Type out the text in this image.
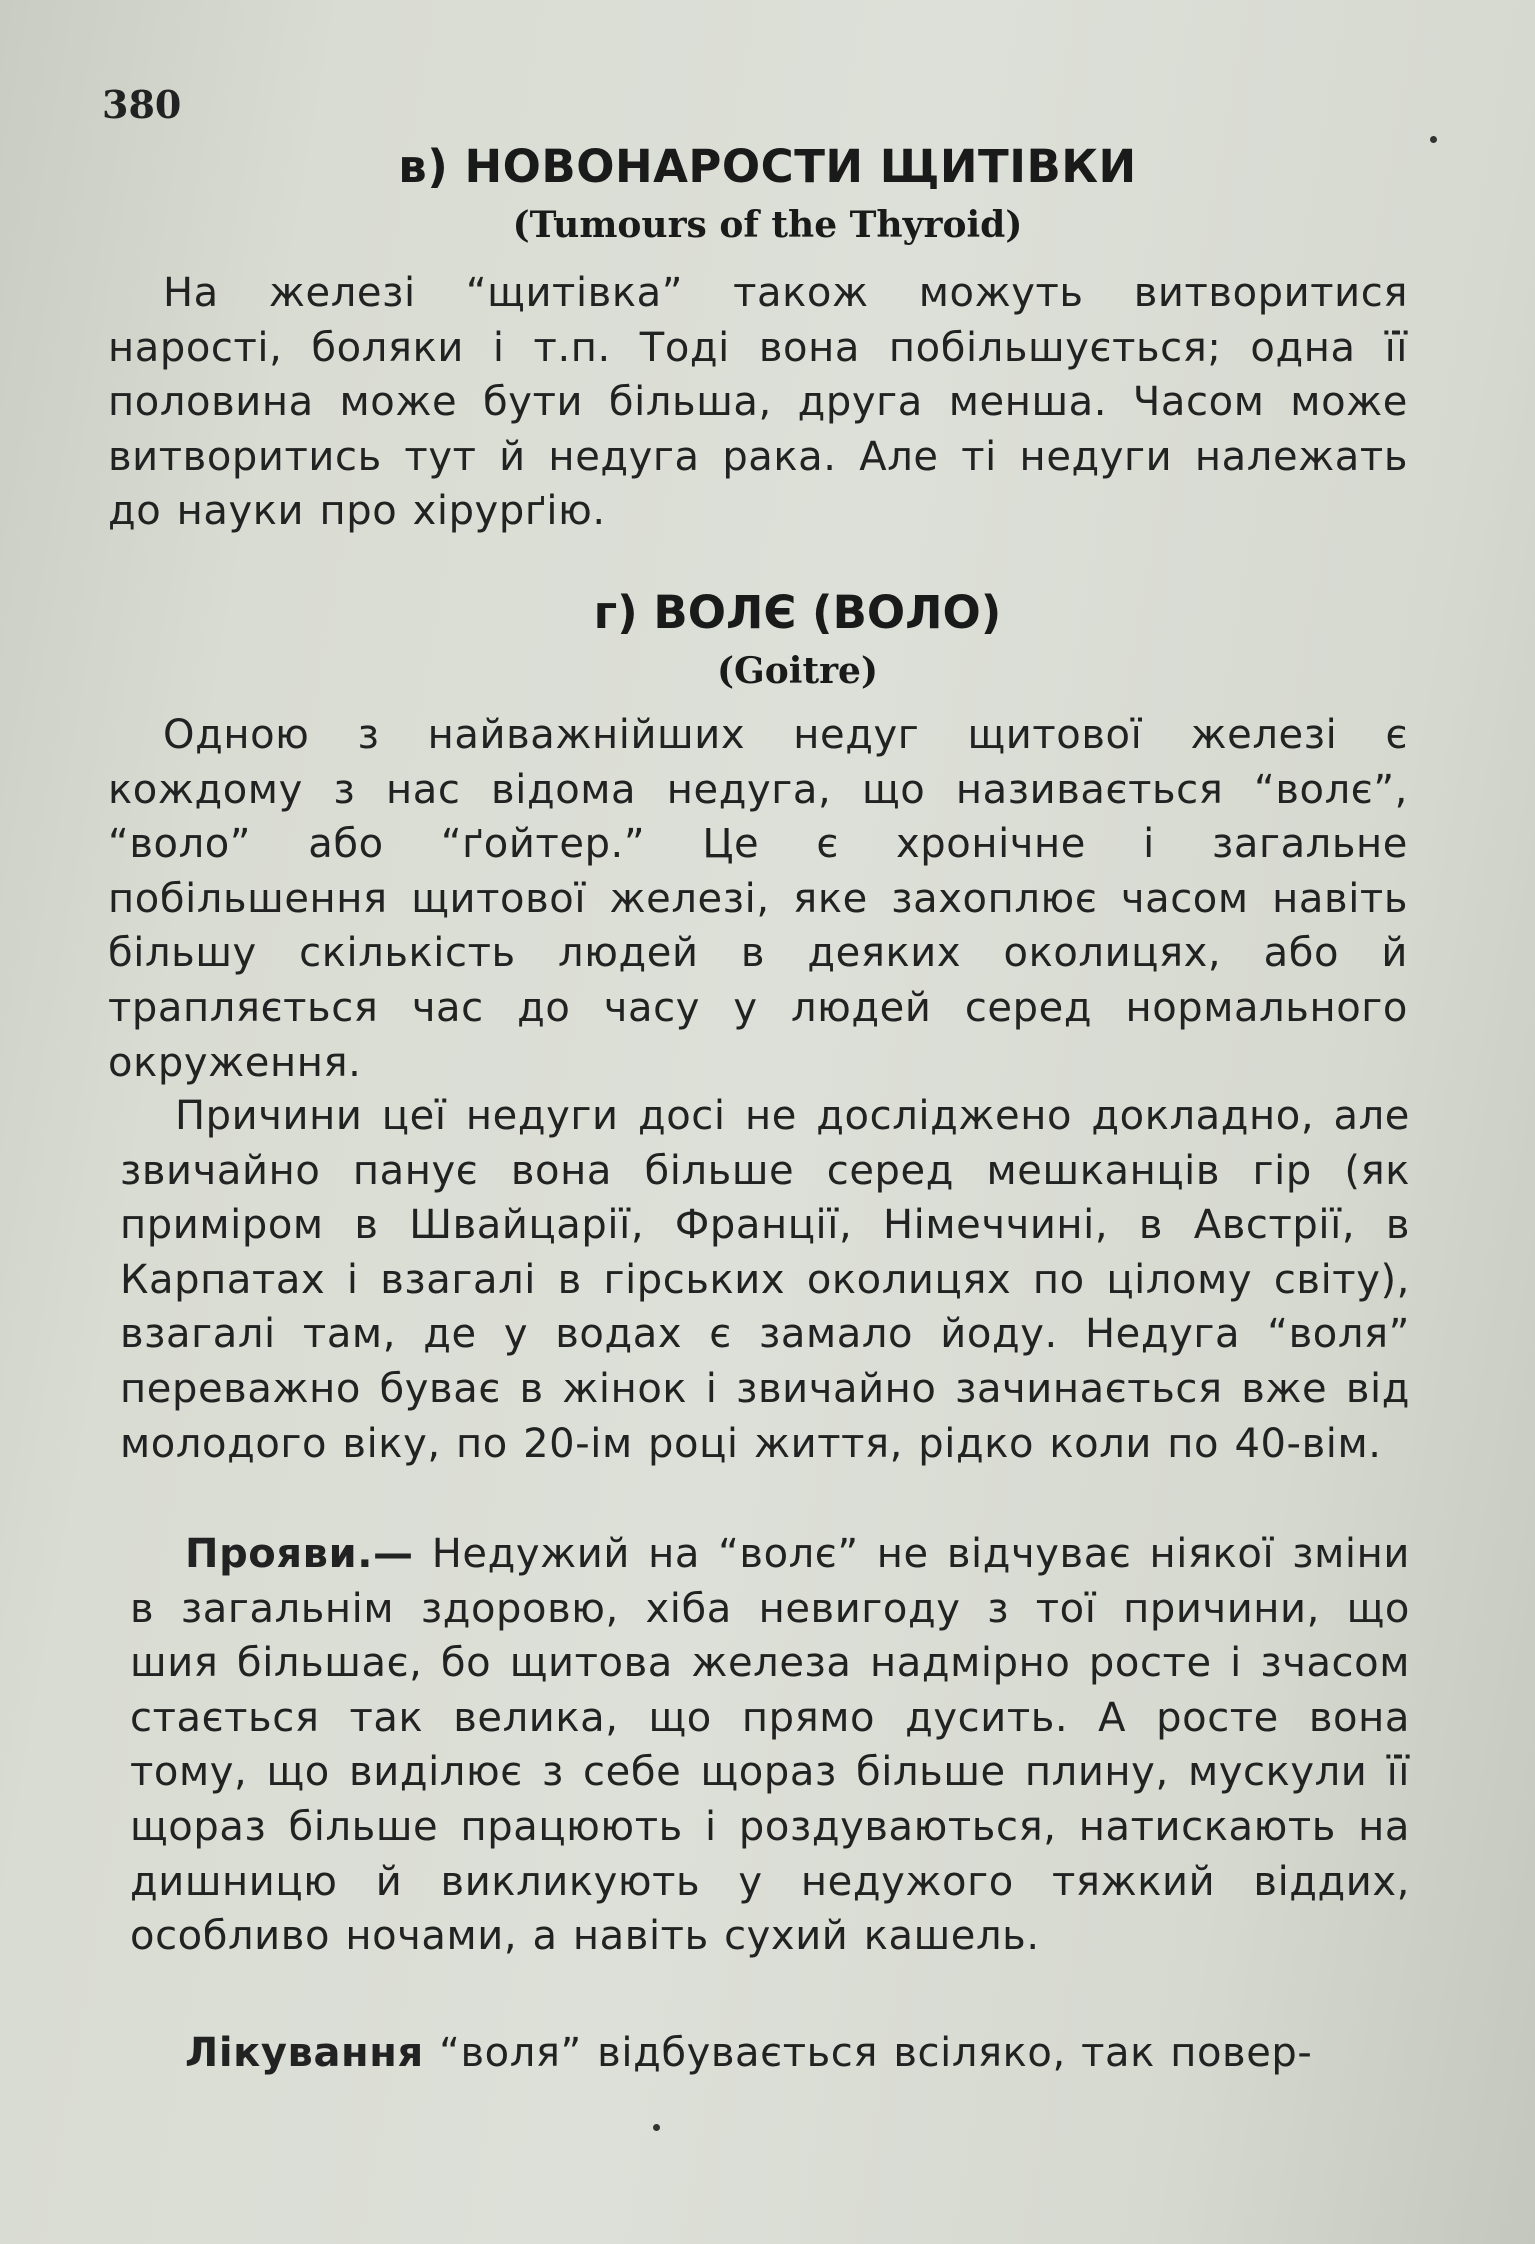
380
в) НОВОНАРОСТИ ЩИТІВКИ
(Tumours of the Thyroid)
На железі “щитівка” також можуть витворитися наростi, боляки і т.п. Тоді вона побільшується; одна її половина може бути більша, друга менша. Часом може витворитись тут й недуга рака. Але ті недуги належать до науки про хірурґію.
г) ВОЛЄ (ВОЛО)
(Goitre)
Одною з найважнійших недуг щитової железі є кождому з нас відома недуга, що називається “волє”, “воло” або “ґойтер.” Це є хронічне і загальне побільшення щитової железі, яке захоплює часом навіть більшу скількість людей в деяких околицях, або й трапляється час до часу у людей серед нормального окруження.
Причини цеї недуги досі не досліджено докладно, але звичайно панує вона більше серед мешканців гір (як приміром в Швайцарії, Франції, Німеччині, в Австрії, в Карпатах і взагалі в гірських околицях по цілому світу), взагалі там, де у водах є замало йоду. Недуга “воля” переважно буває в жінок і звичайно зачинається вже від молодого віку, по 20-ім році життя, рідко коли по 40-вім.
Прояви.— Недужий на “волє” не відчуває ніякої зміни в загальнім здоровю, хіба невигоду з тої причини, що шия більшає, бо щитова железа надмірно росте і зчасом стається так велика, що прямо дусить. А росте вона тому, що виділює з себе щораз більше плину, мускули її щораз більше працюють і роздуваються, натискають на дишницю й викликують у недужого тяжкий віддих, особливо ночами, а навіть сухий кашель.
Лікування “воля” відбувається всіляко, так повер-
